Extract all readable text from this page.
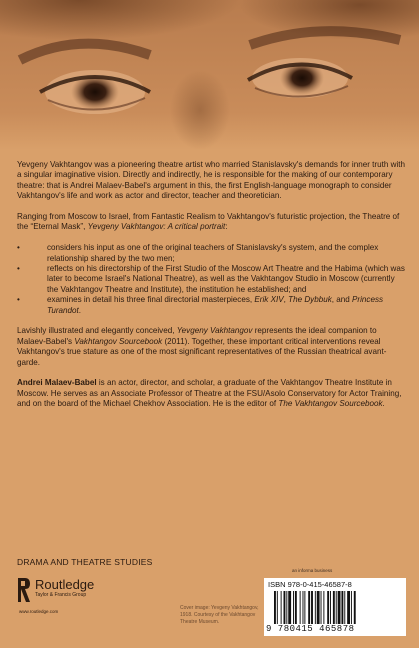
Yevgeny Vakhtangov was a pioneering theatre artist who married Stanislavsky's demands for inner truth with a singular imaginative vision. Directly and indirectly, he is responsible for the making of our contemporary theatre: that is Andrei Malaev-Babel's argument in this, the first English-language monograph to consider Vakhtangov's life and work as actor and director, teacher and theoretician.

Ranging from Moscow to Israel, from Fantastic Realism to Vakhtangov's futuristic projection, the Theatre of the “Eternal Mask”, Yevgeny Vakhtangov: A critical portrait:

• considers his input as one of the original teachers of Stanislavsky's system, and the complex relationship shared by the two men;
• reflects on his directorship of the First Studio of the Moscow Art Theatre and the Habima (which was later to become Israel's National Theatre), as well as the Vakhtangov Studio in Moscow (currently the Vakhtangov Theatre and Institute), the institution he established; and
• examines in detail his three final directorial masterpieces, Erik XIV, The Dybbuk, and Princess Turandot.

Lavishly illustrated and elegantly conceived, Yevgeny Vakhtangov represents the ideal companion to Malaev-Babel's Vakhtangov Sourcebook (2011). Together, these important critical interventions reveal Vakhtangov's true stature as one of the most significant representatives of the Russian theatrical avant-garde.

Andrei Malaev-Babel is an actor, director, and scholar, a graduate of the Vakhtangov Theatre Institute in Moscow. He serves as an Associate Professor of Theatre at the FSU/Asolo Conservatory for Actor Training, and on the board of the Michael Chekhov Association. He is the editor of The Vakhtangov Sourcebook.

DRAMA AND THEATRE STUDIES
Routledge
Taylor & Francis Group
www.routledge.com
Cover image: Yevgeny Vakhtangov, 1918. Courtesy of the Vakhtangov Theatre Museum.
an informa business
ISBN 978-0-415-46587-8
9 780415 465878
